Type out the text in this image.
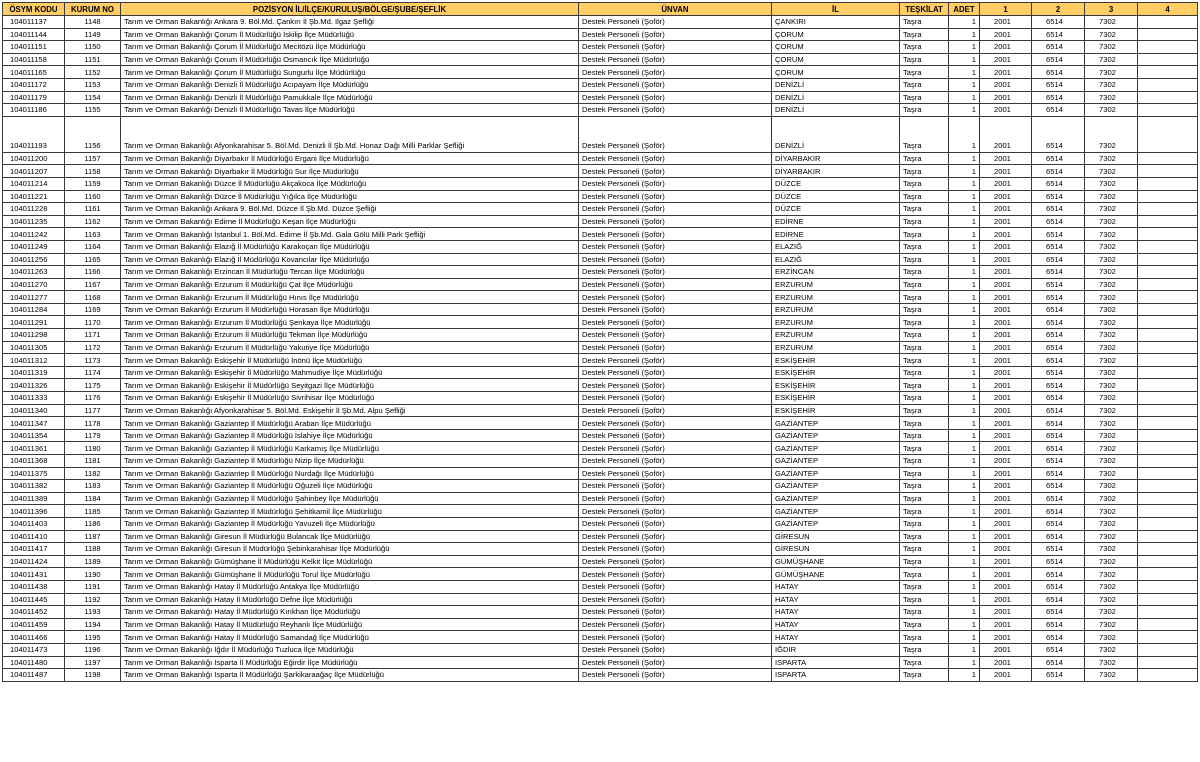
ÖSYM KODU	KURUM NO	POZİSYON İL/İLÇE/KURULUŞ/BÖLGE/ŞUBE/ŞEFLİK	ÜNVAN	İL	TEŞKİLAT	ADET	1	2	3	4
104011137	1148	Tarım ve Orman Bakanlığı Ankara 9. Böl.Md. Çankırı İl Şb.Md. Ilgaz Şefliği	Destek Personeli (Şoför)	ÇANKIRI	Taşra	1	2001	6514	7302	
104011144	1149	Tarım ve Orman Bakanlığı Çorum İl Müdürlüğü İskilip İlçe Müdürlüğü	Destek Personeli (Şoför)	ÇORUM	Taşra	1	2001	6514	7302	
104011151	1150	Tarım ve Orman Bakanlığı Çorum İl Müdürlüğü Mecitözü İlçe Müdürlüğü	Destek Personeli (Şoför)	ÇORUM	Taşra	1	2001	6514	7302	
104011158	1151	Tarım ve Orman Bakanlığı Çorum İl Müdürlüğü Osmancık İlçe Müdürlüğü	Destek Personeli (Şoför)	ÇORUM	Taşra	1	2001	6514	7302	
104011165	1152	Tarım ve Orman Bakanlığı Çorum İl Müdürlüğü Sungurlu İlçe Müdürlüğü	Destek Personeli (Şoför)	ÇORUM	Taşra	1	2001	6514	7302	
104011172	1153	Tarım ve Orman Bakanlığı Denizli İl Müdürlüğü Acıpayam İlçe Müdürlüğü	Destek Personeli (Şoför)	DENİZLİ	Taşra	1	2001	6514	7302	
104011179	1154	Tarım ve Orman Bakanlığı Denizli İl Müdürlüğü Pamukkale İlçe Müdürlüğü	Destek Personeli (Şoför)	DENİZLİ	Taşra	1	2001	6514	7302	
104011186	1155	Tarım ve Orman Bakanlığı Denizli İl Müdürlüğü Tavas İlçe Müdürlüğü	Destek Personeli (Şoför)	DENİZLİ	Taşra	1	2001	6514	7302	
104011193	1156	Tarım ve Orman Bakanlığı Afyonkarahisar 5. Böl.Md. Denizli İl Şb.Md. Honaz Dağı Milli Parklar Şefliği	Destek Personeli (Şoför)	DENİZLİ	Taşra	1	2001	6514	7302	
104011200	1157	Tarım ve Orman Bakanlığı Diyarbakır İl Müdürlüğü Ergani İlçe Müdürlüğü	Destek Personeli (Şoför)	DİYARBAKIR	Taşra	1	2001	6514	7302	
104011207	1158	Tarım ve Orman Bakanlığı Diyarbakır İl Müdürlüğü Sur İlçe Müdürlüğü	Destek Personeli (Şoför)	DİYARBAKIR	Taşra	1	2001	6514	7302	
104011214	1159	Tarım ve Orman Bakanlığı Düzce İl Müdürlüğü Akçakoca İlçe Müdürlüğü	Destek Personeli (Şoför)	DÜZCE	Taşra	1	2001	6514	7302	
104011221	1160	Tarım ve Orman Bakanlığı Düzce İl Müdürlüğü Yığılca İlçe Müdürlüğü	Destek Personeli (Şoför)	DÜZCE	Taşra	1	2001	6514	7302	
104011228	1161	Tarım ve Orman Bakanlığı Ankara 9. Böl.Md. Düzce İl Şb.Md. Düzce Şefliği	Destek Personeli (Şoför)	DÜZCE	Taşra	1	2001	6514	7302	
104011235	1162	Tarım ve Orman Bakanlığı Edirne İl Müdürlüğü Keşan İlçe Müdürlüğü	Destek Personeli (Şoför)	EDİRNE	Taşra	1	2001	6514	7302	
104011242	1163	Tarım ve Orman Bakanlığı İstanbul 1. Böl.Md. Edirne İl Şb.Md. Gala Gölü Milli Park Şefliği	Destek Personeli (Şoför)	EDİRNE	Taşra	1	2001	6514	7302	
104011249	1164	Tarım ve Orman Bakanlığı Elazığ İl Müdürlüğü Karakoçan İlçe Müdürlüğü	Destek Personeli (Şoför)	ELAZIĞ	Taşra	1	2001	6514	7302	
104011256	1165	Tarım ve Orman Bakanlığı Elazığ İl Müdürlüğü Kovancılar İlçe Müdürlüğü	Destek Personeli (Şoför)	ELAZIĞ	Taşra	1	2001	6514	7302	
104011263	1166	Tarım ve Orman Bakanlığı Erzincan İl Müdürlüğü Tercan İlçe Müdürlüğü	Destek Personeli (Şoför)	ERZİNCAN	Taşra	1	2001	6514	7302	
104011270	1167	Tarım ve Orman Bakanlığı Erzurum İl Müdürlüğü Çat İlçe Müdürlüğü	Destek Personeli (Şoför)	ERZURUM	Taşra	1	2001	6514	7302	
104011277	1168	Tarım ve Orman Bakanlığı Erzurum İl Müdürlüğü Hınıs İlçe Müdürlüğü	Destek Personeli (Şoför)	ERZURUM	Taşra	1	2001	6514	7302	
104011284	1169	Tarım ve Orman Bakanlığı Erzurum İl Müdürlüğü Horasan İlçe Müdürlüğü	Destek Personeli (Şoför)	ERZURUM	Taşra	1	2001	6514	7302	
104011291	1170	Tarım ve Orman Bakanlığı Erzurum İl Müdürlüğü Şenkaya İlçe Müdürlüğü	Destek Personeli (Şoför)	ERZURUM	Taşra	1	2001	6514	7302	
104011298	1171	Tarım ve Orman Bakanlığı Erzurum İl Müdürlüğü Tekman İlçe Müdürlüğü	Destek Personeli (Şoför)	ERZURUM	Taşra	1	2001	6514	7302	
104011305	1172	Tarım ve Orman Bakanlığı Erzurum İl Müdürlüğü Yakutiye İlçe Müdürlüğü	Destek Personeli (Şoför)	ERZURUM	Taşra	1	2001	6514	7302	
104011312	1173	Tarım ve Orman Bakanlığı Eskişehir İl Müdürlüğü İnönü İlçe Müdürlüğü	Destek Personeli (Şoför)	ESKİŞEHİR	Taşra	1	2001	6514	7302	
104011319	1174	Tarım ve Orman Bakanlığı Eskişehir İl Müdürlüğü Mahmudiye İlçe Müdürlüğü	Destek Personeli (Şoför)	ESKİŞEHİR	Taşra	1	2001	6514	7302	
104011326	1175	Tarım ve Orman Bakanlığı Eskişehir İl Müdürlüğü Seyitgazi İlçe Müdürlüğü	Destek Personeli (Şoför)	ESKİŞEHİR	Taşra	1	2001	6514	7302	
104011333	1176	Tarım ve Orman Bakanlığı Eskişehir İl Müdürlüğü Sivrihisar İlçe Müdürlüğü	Destek Personeli (Şoför)	ESKİŞEHİR	Taşra	1	2001	6514	7302	
104011340	1177	Tarım ve Orman Bakanlığı Afyonkarahisar 5. Böl.Md. Eskişehir İl Şb.Md. Alpu Şefliği	Destek Personeli (Şoför)	ESKİŞEHİR	Taşra	1	2001	6514	7302	
104011347	1178	Tarım ve Orman Bakanlığı Gaziantep İl Müdürlüğü Araban İlçe Müdürlüğü	Destek Personeli (Şoför)	GAZİANTEP	Taşra	1	2001	6514	7302	
104011354	1179	Tarım ve Orman Bakanlığı Gaziantep İl Müdürlüğü İslahiye İlçe Müdürlüğü	Destek Personeli (Şoför)	GAZİANTEP	Taşra	1	2001	6514	7302	
104011361	1180	Tarım ve Orman Bakanlığı Gaziantep İl Müdürlüğü Karkamış İlçe Müdürlüğü	Destek Personeli (Şoför)	GAZİANTEP	Taşra	1	2001	6514	7302	
104011368	1181	Tarım ve Orman Bakanlığı Gaziantep İl Müdürlüğü Nizip İlçe Müdürlüğü	Destek Personeli (Şoför)	GAZİANTEP	Taşra	1	2001	6514	7302	
104011375	1182	Tarım ve Orman Bakanlığı Gaziantep İl Müdürlüğü Nurdağı İlçe Müdürlüğü	Destek Personeli (Şoför)	GAZİANTEP	Taşra	1	2001	6514	7302	
104011382	1183	Tarım ve Orman Bakanlığı Gaziantep İl Müdürlüğü Oğuzeli İlçe Müdürlüğü	Destek Personeli (Şoför)	GAZİANTEP	Taşra	1	2001	6514	7302	
104011389	1184	Tarım ve Orman Bakanlığı Gaziantep İl Müdürlüğü Şahinbey İlçe Müdürlüğü	Destek Personeli (Şoför)	GAZİANTEP	Taşra	1	2001	6514	7302	
104011396	1185	Tarım ve Orman Bakanlığı Gaziantep İl Müdürlüğü Şehitkamil İlçe Müdürlüğü	Destek Personeli (Şoför)	GAZİANTEP	Taşra	1	2001	6514	7302	
104011403	1186	Tarım ve Orman Bakanlığı Gaziantep İl Müdürlüğü Yavuzeli İlçe Müdürlüğü	Destek Personeli (Şoför)	GAZİANTEP	Taşra	1	2001	6514	7302	
104011410	1187	Tarım ve Orman Bakanlığı Giresun İl Müdürlüğü Bulancak İlçe Müdürlüğü	Destek Personeli (Şoför)	GİRESUN	Taşra	1	2001	6514	7302	
104011417	1188	Tarım ve Orman Bakanlığı Giresun İl Müdürlüğü Şebinkarahisar İlçe Müdürlüğü	Destek Personeli (Şoför)	GİRESUN	Taşra	1	2001	6514	7302	
104011424	1189	Tarım ve Orman Bakanlığı Gümüşhane İl Müdürlüğü Kelkit İlçe Müdürlüğü	Destek Personeli (Şoför)	GÜMÜŞHANE	Taşra	1	2001	6514	7302	
104011431	1190	Tarım ve Orman Bakanlığı Gümüşhane İl Müdürlüğü Torul İlçe Müdürlüğü	Destek Personeli (Şoför)	GÜMÜŞHANE	Taşra	1	2001	6514	7302	
104011438	1191	Tarım ve Orman Bakanlığı Hatay İl Müdürlüğü Antakya İlçe Müdürlüğü	Destek Personeli (Şoför)	HATAY	Taşra	1	2001	6514	7302	
104011445	1192	Tarım ve Orman Bakanlığı Hatay İl Müdürlüğü Defne İlçe Müdürlüğü	Destek Personeli (Şoför)	HATAY	Taşra	1	2001	6514	7302	
104011452	1193	Tarım ve Orman Bakanlığı Hatay İl Müdürlüğü Kırıkhan İlçe Müdürlüğü	Destek Personeli (Şoför)	HATAY	Taşra	1	2001	6514	7302	
104011459	1194	Tarım ve Orman Bakanlığı Hatay İl Müdürlüğü Reyhanlı İlçe Müdürlüğü	Destek Personeli (Şoför)	HATAY	Taşra	1	2001	6514	7302	
104011466	1195	Tarım ve Orman Bakanlığı Hatay İl Müdürlüğü Samandağ İlçe Müdürlüğü	Destek Personeli (Şoför)	HATAY	Taşra	1	2001	6514	7302	
104011473	1196	Tarım ve Orman Bakanlığı Iğdır İl Müdürlüğü Tuzluca İlçe Müdürlüğü	Destek Personeli (Şoför)	IĞDIR	Taşra	1	2001	6514	7302	
104011480	1197	Tarım ve Orman Bakanlığı Isparta İl Müdürlüğü Eğirdir İlçe Müdürlüğü	Destek Personeli (Şoför)	ISPARTA	Taşra	1	2001	6514	7302	
104011487	1198	Tarım ve Orman Bakanlığı Isparta İl Müdürlüğü Şarkikaraağaç İlçe Müdürlüğü	Destek Personeli (Şoför)	ISPARTA	Taşra	1	2001	6514	7302	
